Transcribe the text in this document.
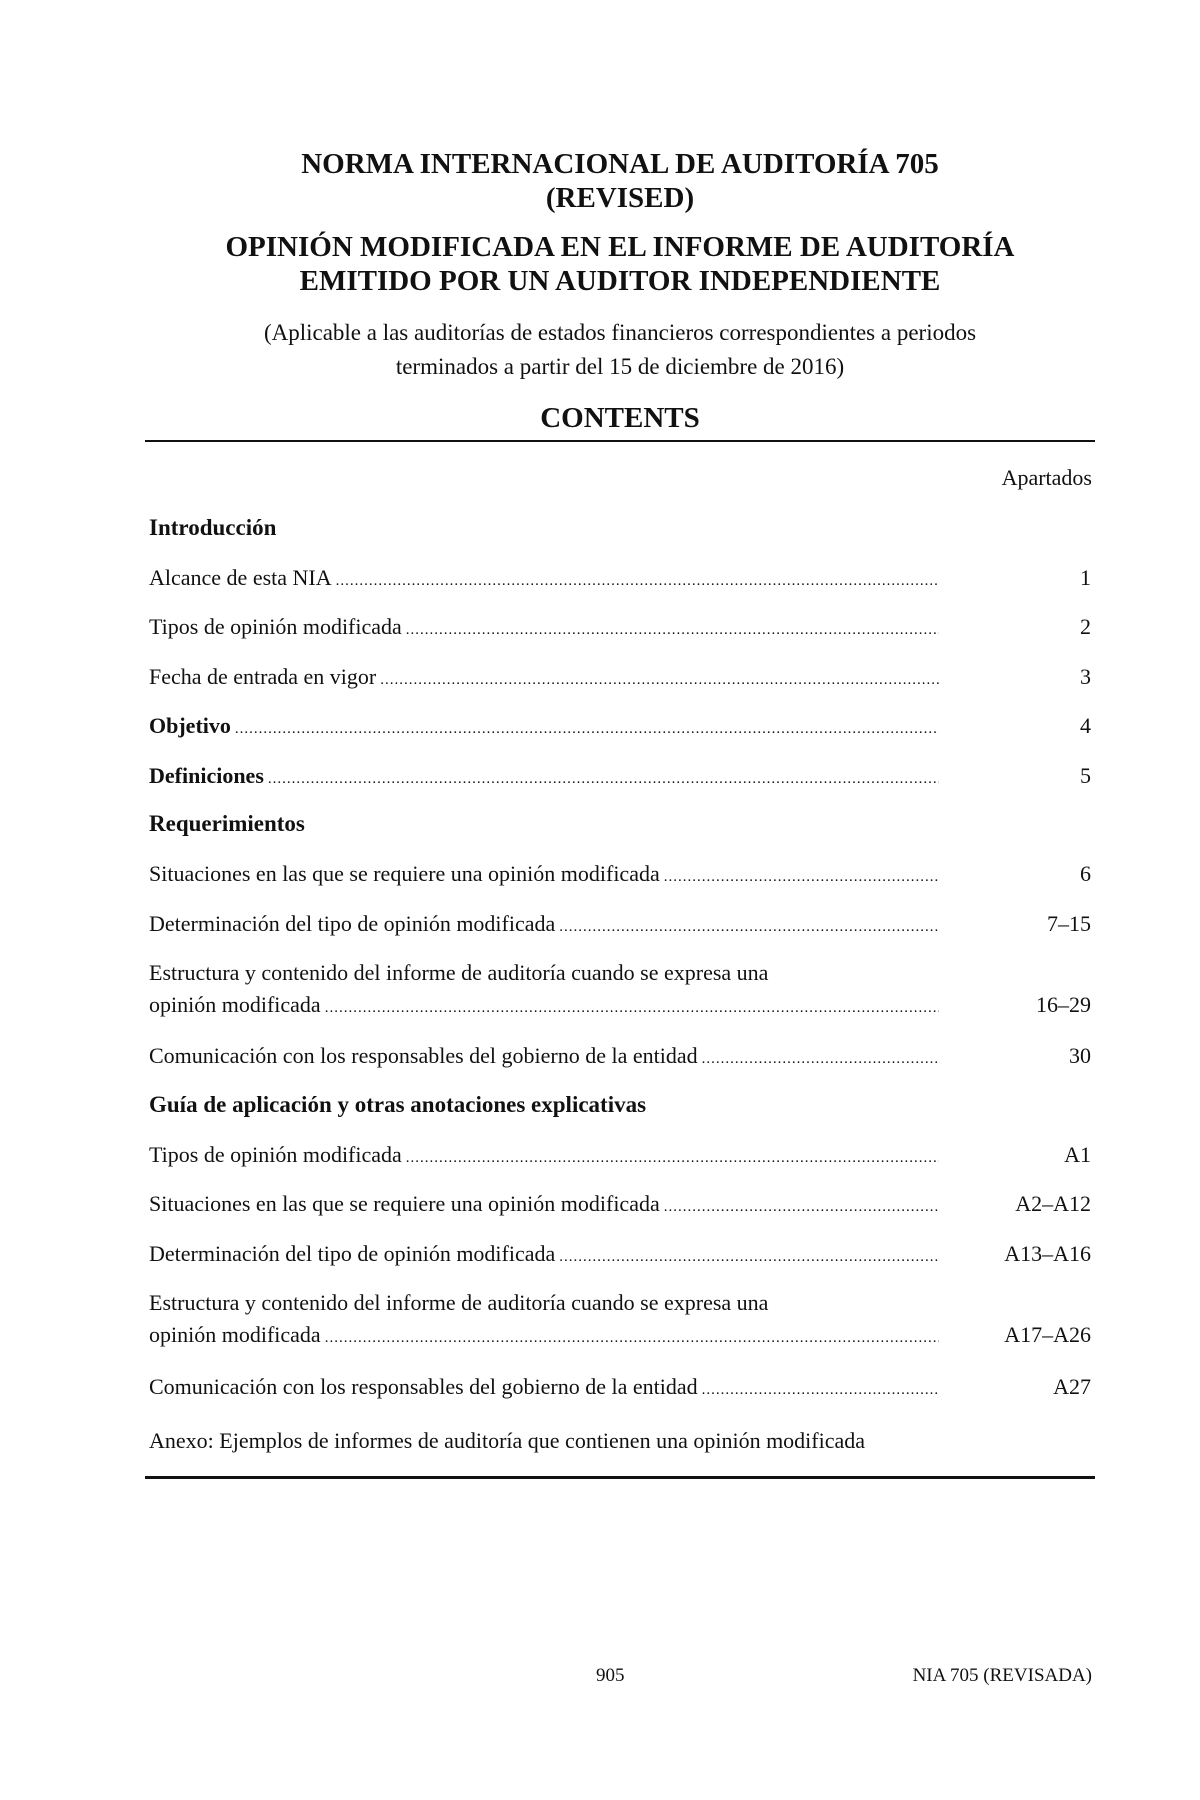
NORMA INTERNACIONAL DE AUDITORÍA 705
(REVISED)
OPINIÓN MODIFICADA EN EL INFORME DE AUDITORÍA
EMITIDO POR UN AUDITOR INDEPENDIENTE
(Aplicable a las auditorías de estados financieros correspondientes a periodos
terminados a partir del 15 de diciembre de 2016)
CONTENTS
Apartados
Introducción
Alcance de esta NIA .....	1
Tipos de opinión modificada .....	2
Fecha de entrada en vigor .....	3
Objetivo .....	4
Definiciones .....	5
Requerimientos
Situaciones en las que se requiere una opinión modificada .....	6
Determinación del tipo de opinión modificada .....	7–15
Estructura y contenido del informe de auditoría cuando se expresa una
opinión modificada .....	16–29
Comunicación con los responsables del gobierno de la entidad .....	30
Guía de aplicación y otras anotaciones explicativas
Tipos de opinión modificada .....	A1
Situaciones en las que se requiere una opinión modificada .....	A2–A12
Determinación del tipo de opinión modificada .....	A13–A16
Estructura y contenido del informe de auditoría cuando se expresa una
opinión modificada .....	A17–A26
Comunicación con los responsables del gobierno de la entidad .....	A27
Anexo: Ejemplos de informes de auditoría que contienen una opinión modificada
905	NIA 705 (REVISADA)
